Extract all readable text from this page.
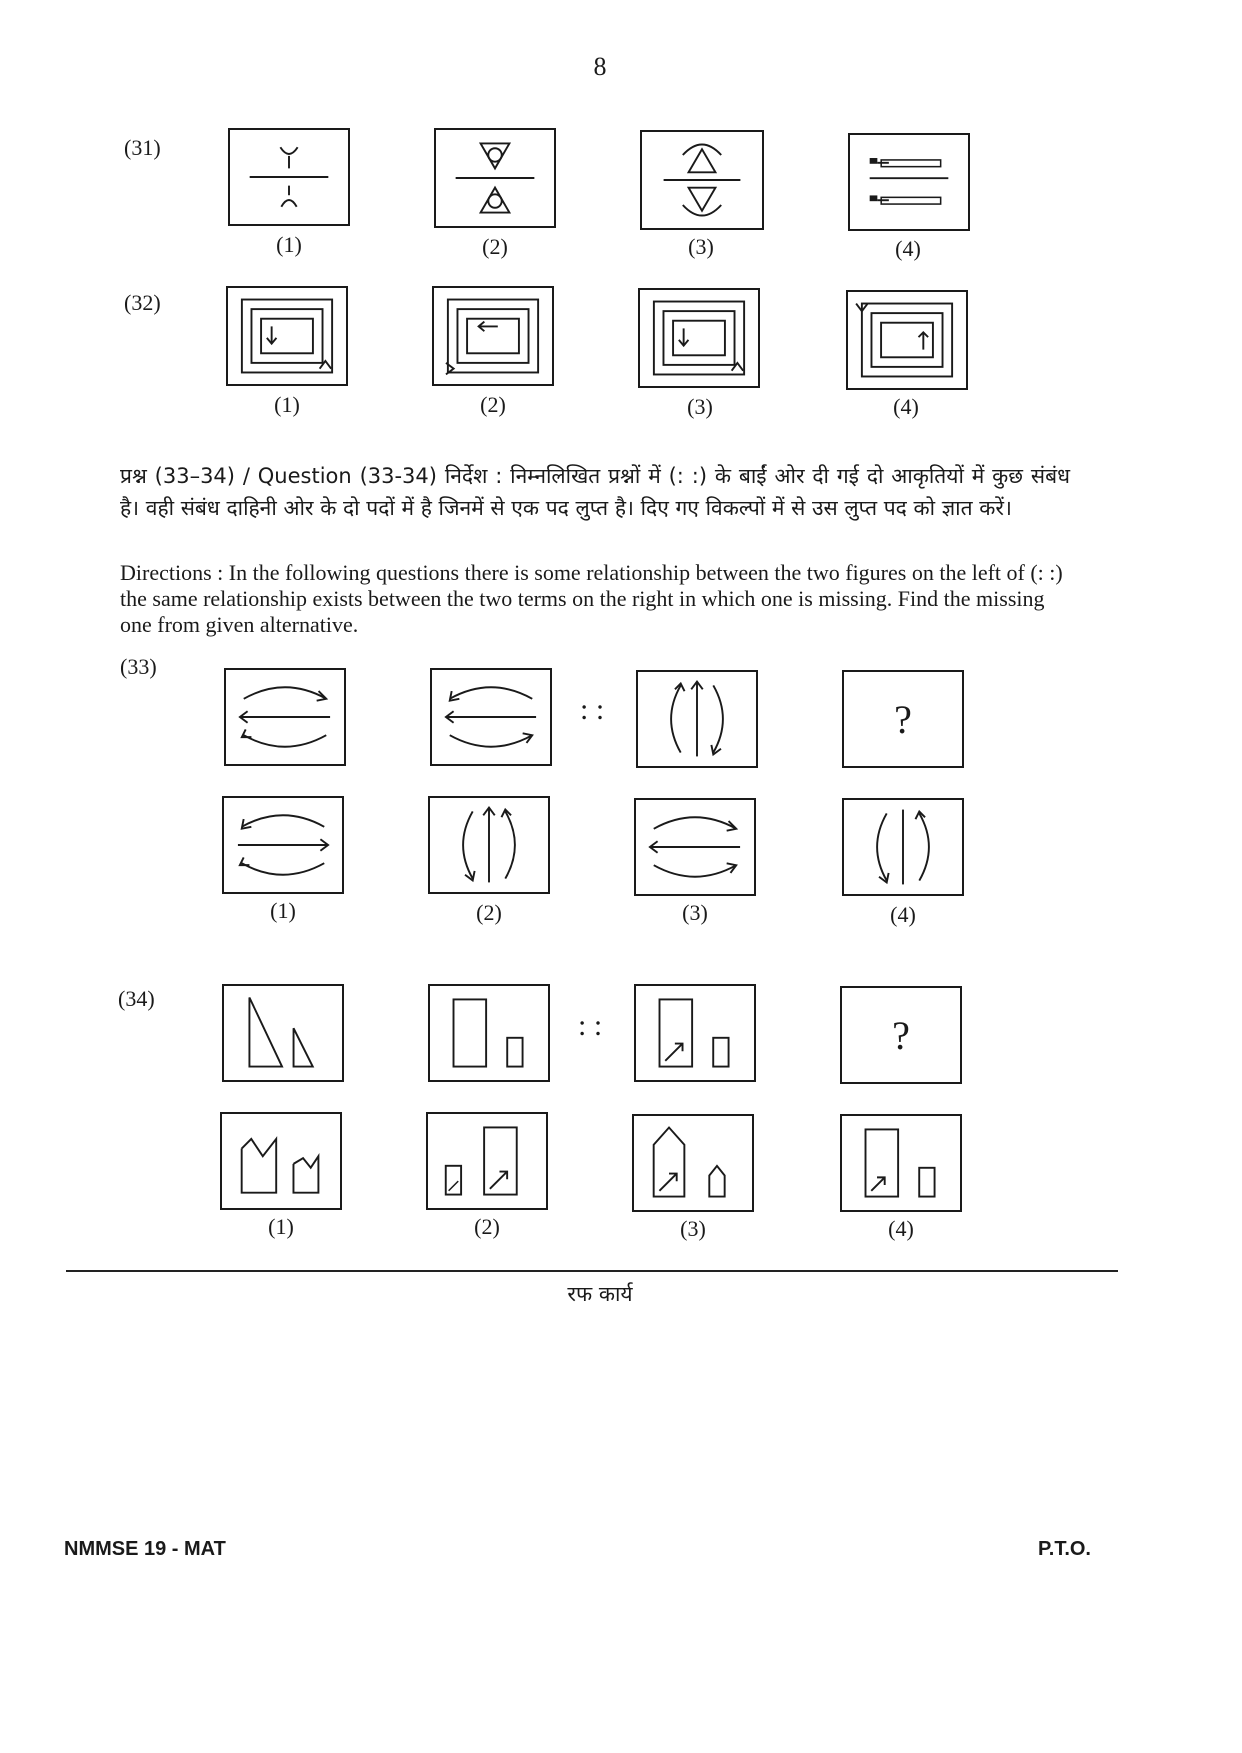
8
(31)
(1)	(2)	(3)	(4)
(32)
(1)	(2)	(3)	(4)
प्रश्न (33–34) / Question (33-34) निर्देश : निम्नलिखित प्रश्नों में (: :) के बाईं ओर दी गई दो आकृतियों में कुछ संबंध है। वही संबंध दाहिनी ओर के दो पदों में है जिनमें से एक पद लुप्त है। दिए गए विकल्पों में से उस लुप्त पद को ज्ञात करें।
Directions : In the following questions there is some relationship between the two figures on the left of (: :) the same relationship exists between the two terms on the right in which one is missing. Find the missing one from given alternative.
(33)
: :	?
(1)	(2)	(3)	(4)
(34)
: :	?
(1)	(2)	(3)	(4)
रफ कार्य
NMMSE 19 - MAT	P.T.O.
